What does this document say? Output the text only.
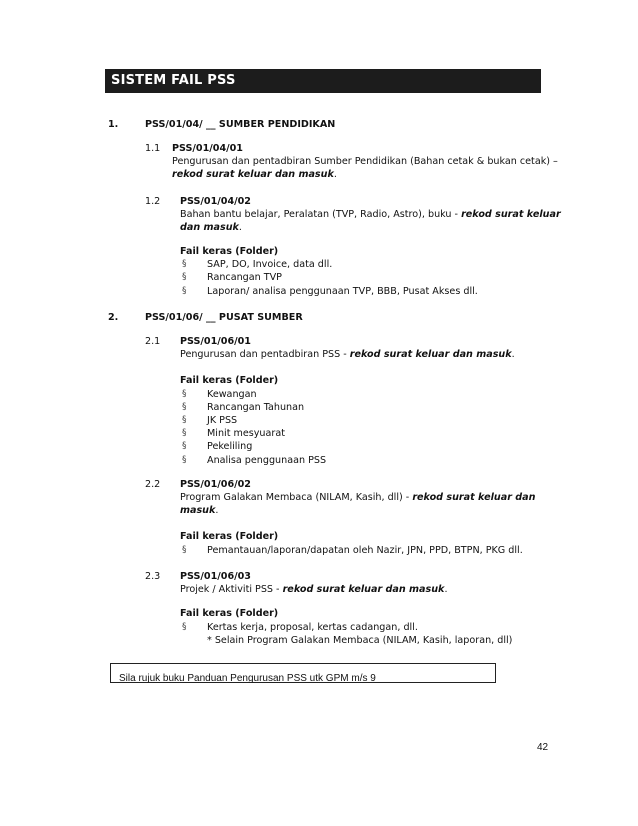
SISTEM FAIL PSS
1.	PSS/01/04/ __ SUMBER PENDIDIKAN
1.1 PSS/01/04/01
Pengurusan dan pentadbiran Sumber Pendidikan (Bahan cetak & bukan cetak) –
rekod surat keluar dan masuk.
1.2 PSS/01/04/02
Bahan bantu belajar, Peralatan (TVP, Radio, Astro), buku - rekod surat keluar
dan masuk.
Fail keras (Folder)
§ SAP, DO, Invoice, data dll.
§ Rancangan TVP
§ Laporan/ analisa penggunaan TVP, BBB, Pusat Akses dll.
2.	PSS/01/06/ __ PUSAT SUMBER
2.1 PSS/01/06/01
Pengurusan dan pentadbiran PSS - rekod surat keluar dan masuk.
Fail keras (Folder)
§ Kewangan
§ Rancangan Tahunan
§ JK PSS
§ Minit mesyuarat
§ Pekeliling
§ Analisa penggunaan PSS
2.2 PSS/01/06/02
Program Galakan Membaca (NILAM, Kasih, dll) - rekod surat keluar dan
masuk.
Fail keras (Folder)
§ Pemantauan/laporan/dapatan oleh Nazir, JPN, PPD, BTPN, PKG dll.
2.3 PSS/01/06/03
Projek / Aktiviti PSS - rekod surat keluar dan masuk.
Fail keras (Folder)
§ Kertas kerja, proposal, kertas cadangan, dll.
* Selain Program Galakan Membaca (NILAM, Kasih, laporan, dll)
Sila rujuk buku Panduan Pengurusan PSS utk GPM m/s 9
42
